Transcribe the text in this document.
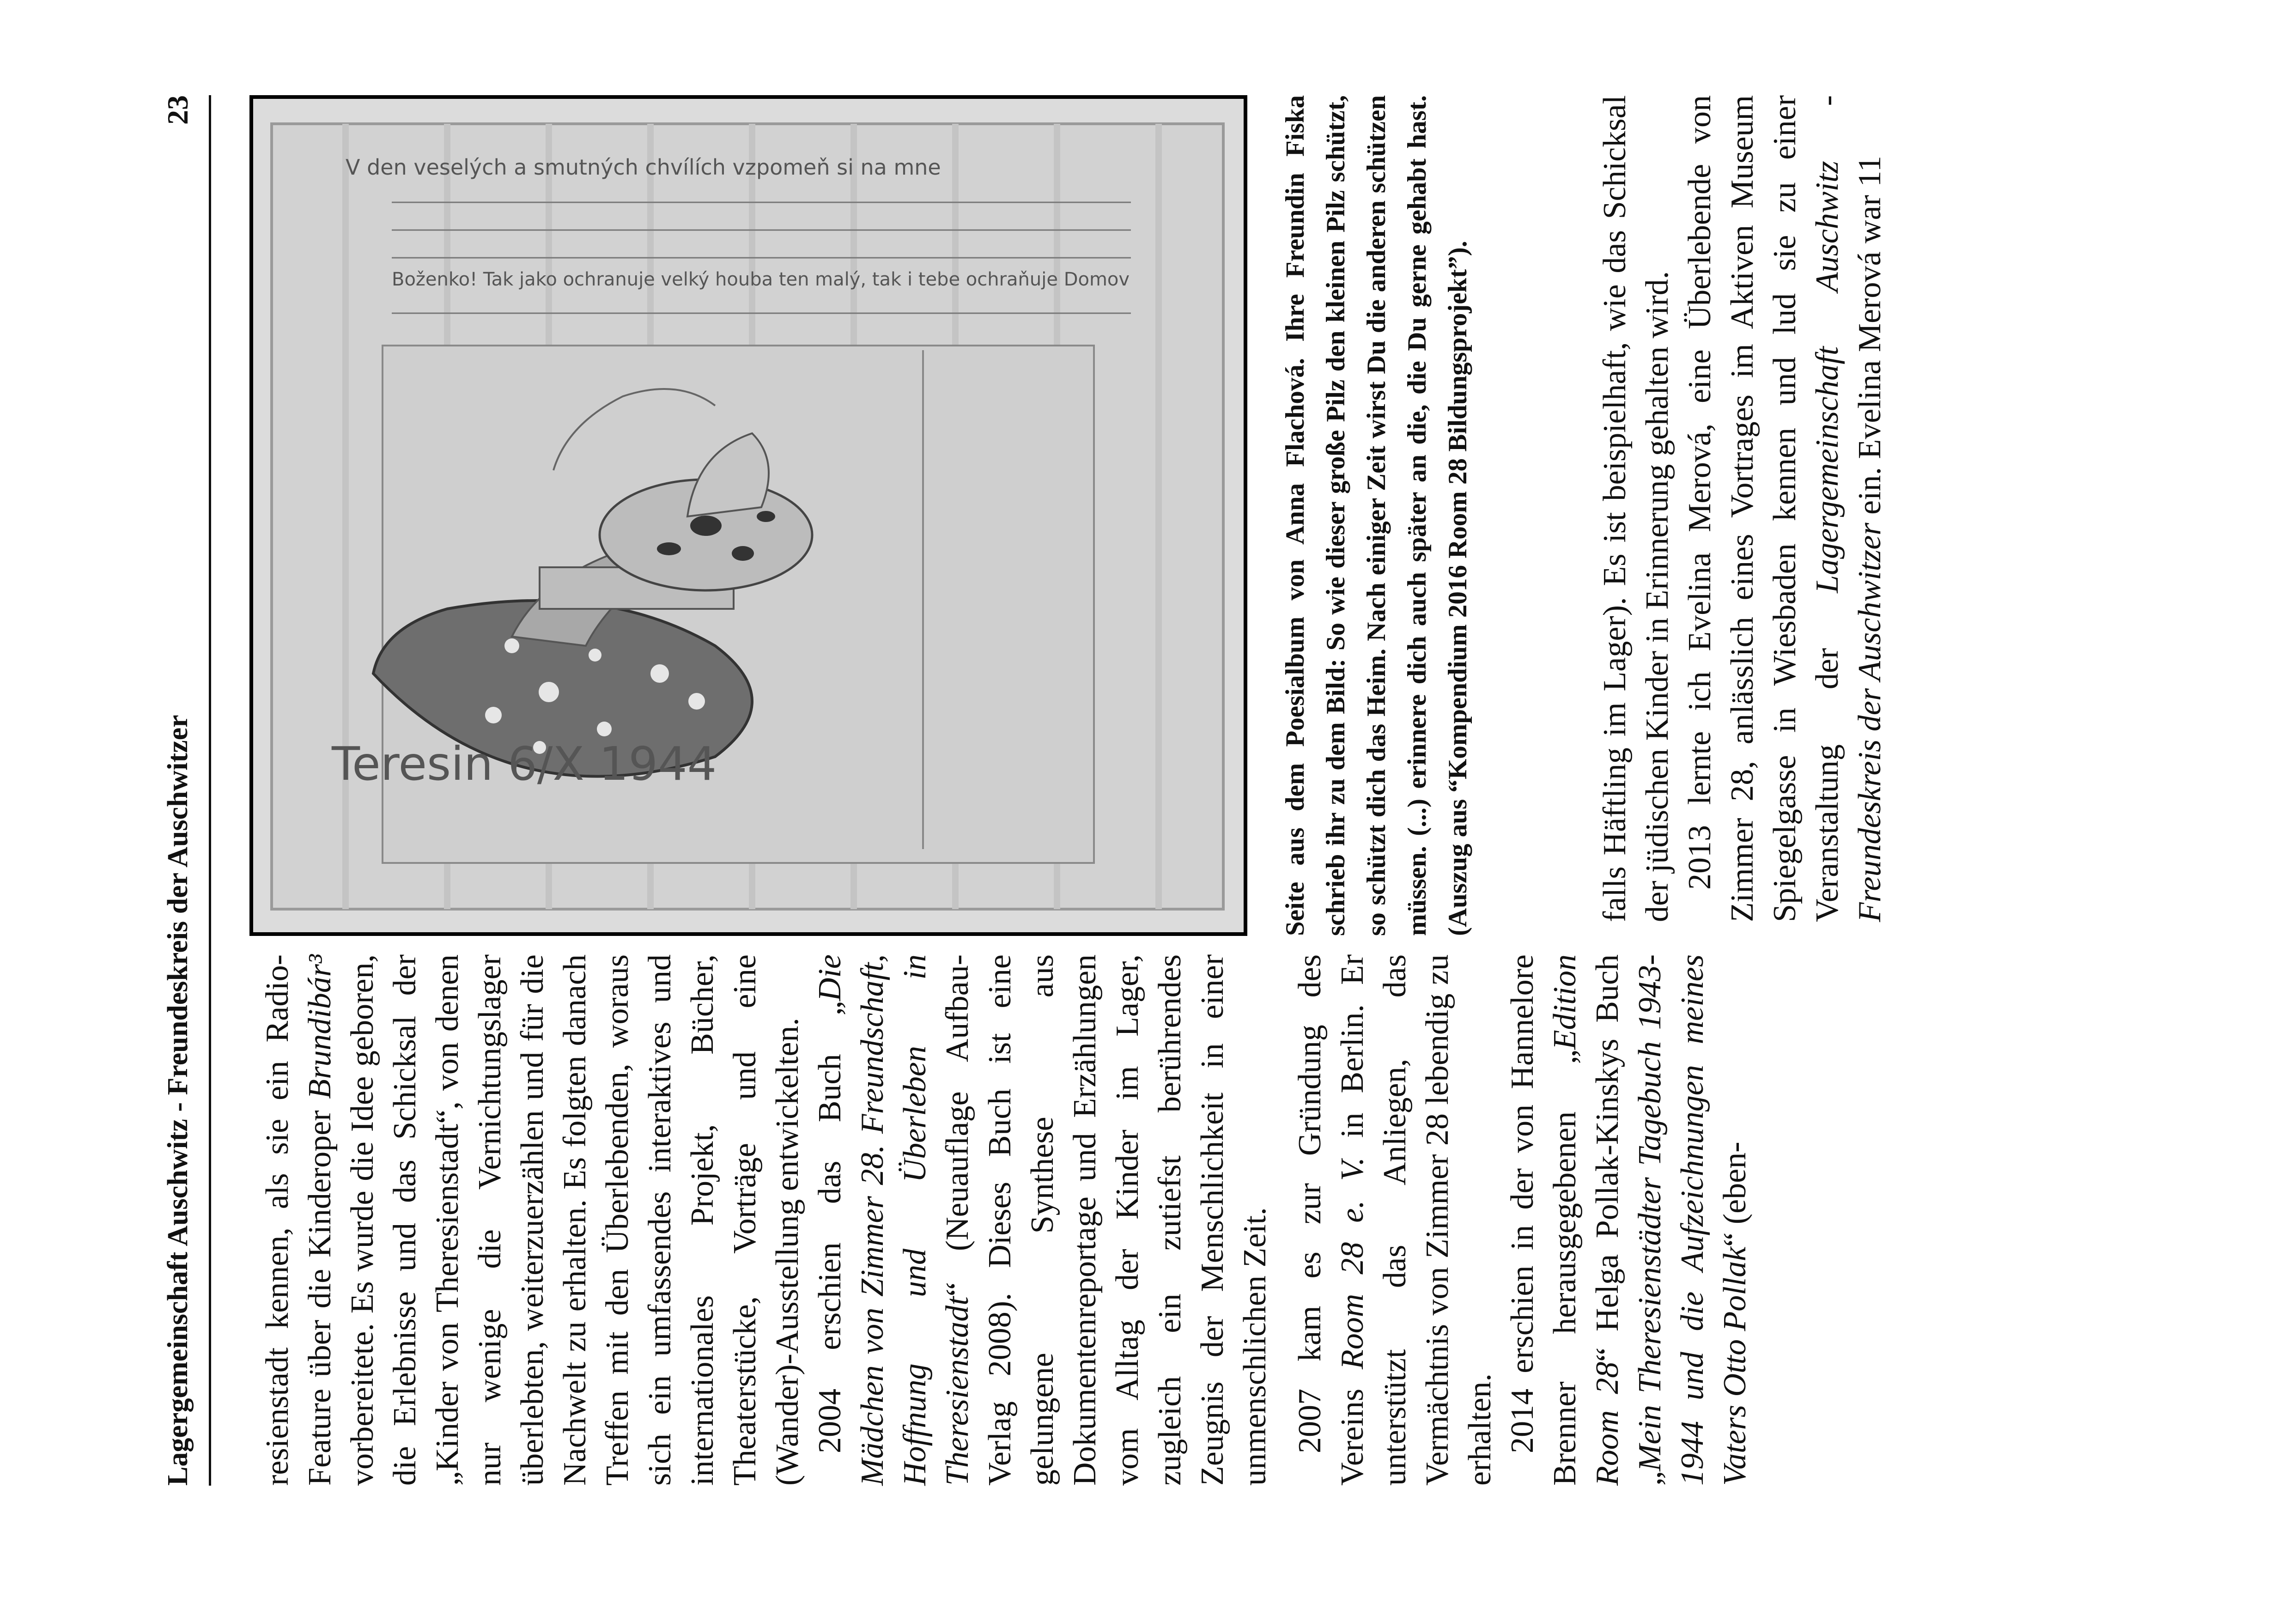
Lagergemeinschaft Auschwitz - Freundeskreis der Auschwitzer
23
Teresin 6/X 1944
V den veselých a smutných chvílích vzpomeň si na mne
Boženko! Tak jako ochranuje velký houba ten malý, tak i tebe ochraňuje Domov	Seite aus dem Poesialbum von Anna Flachová. Ihre Freundin Fiska schrieb ihr zu dem Bild: So wie dieser große Pilz den kleinen Pilz schützt, so schützt dich das Heim. Nach einiger Zeit wirst Du die anderen schützen müssen. (...) erinnere dich auch später an die, die Du gerne gehabt hast. (Auszug aus “Kompendium 2016 Room 28 Bildungsprojekt”).

resienstadt kennen, als sie ein Radio-Feature über die Kinderoper Brundibár³ vorbereitete. Es wurde die Idee geboren, die Erlebnisse und das Schicksal der „Kinder von Theresienstadt“, von denen nur wenige die Vernichtungslager überlebten, weiterzuerzählen und für die Nachwelt zu erhalten. Es folgten danach Treffen mit den Überlebenden, woraus sich ein umfassendes interaktives und internationales Projekt, Bücher, Theaterstücke, Vorträge und eine (Wander)-Ausstellung entwickelten. 2004 erschien das Buch „Die Mädchen von Zimmer 28. Freundschaft, Hoffnung und Überleben in Theresienstadt“ (Neuauflage Aufbau-Verlag 2008). Dieses Buch ist eine gelungene Synthese aus Dokumentenreportage und Erzählungen vom Alltag der Kinder im Lager, zugleich ein zutiefst berührendes Zeugnis der Menschlichkeit in einer unmenschlichen Zeit. 2007 kam es zur Gründung des Vereins Room 28 e. V. in Berlin. Er unterstützt das Anliegen, das Vermächtnis von Zimmer 28 lebendig zu erhalten. 2014 erschien in der von Hannelore Brenner herausgegebenen „Edition Room 28“ Helga Pollak-Kinskys Buch „Mein Theresienstädter Tagebuch 1943-1944 und die Aufzeichnungen meines Vaters Otto Pollak“ (eben-

falls Häftling im Lager). Es ist beispielhaft, wie das Schicksal der jüdischen Kinder in Erinnerung gehalten wird. 2013 lernte ich Evelina Merová, eine Überlebende von Zimmer 28, anlässlich eines Vortrages im Aktiven Museum Spiegelgasse in Wiesbaden kennen und lud sie zu einer Veranstaltung der Lagergemeinschaft Auschwitz - Freundeskreis der Auschwitzer ein. Evelina Merová war 11
